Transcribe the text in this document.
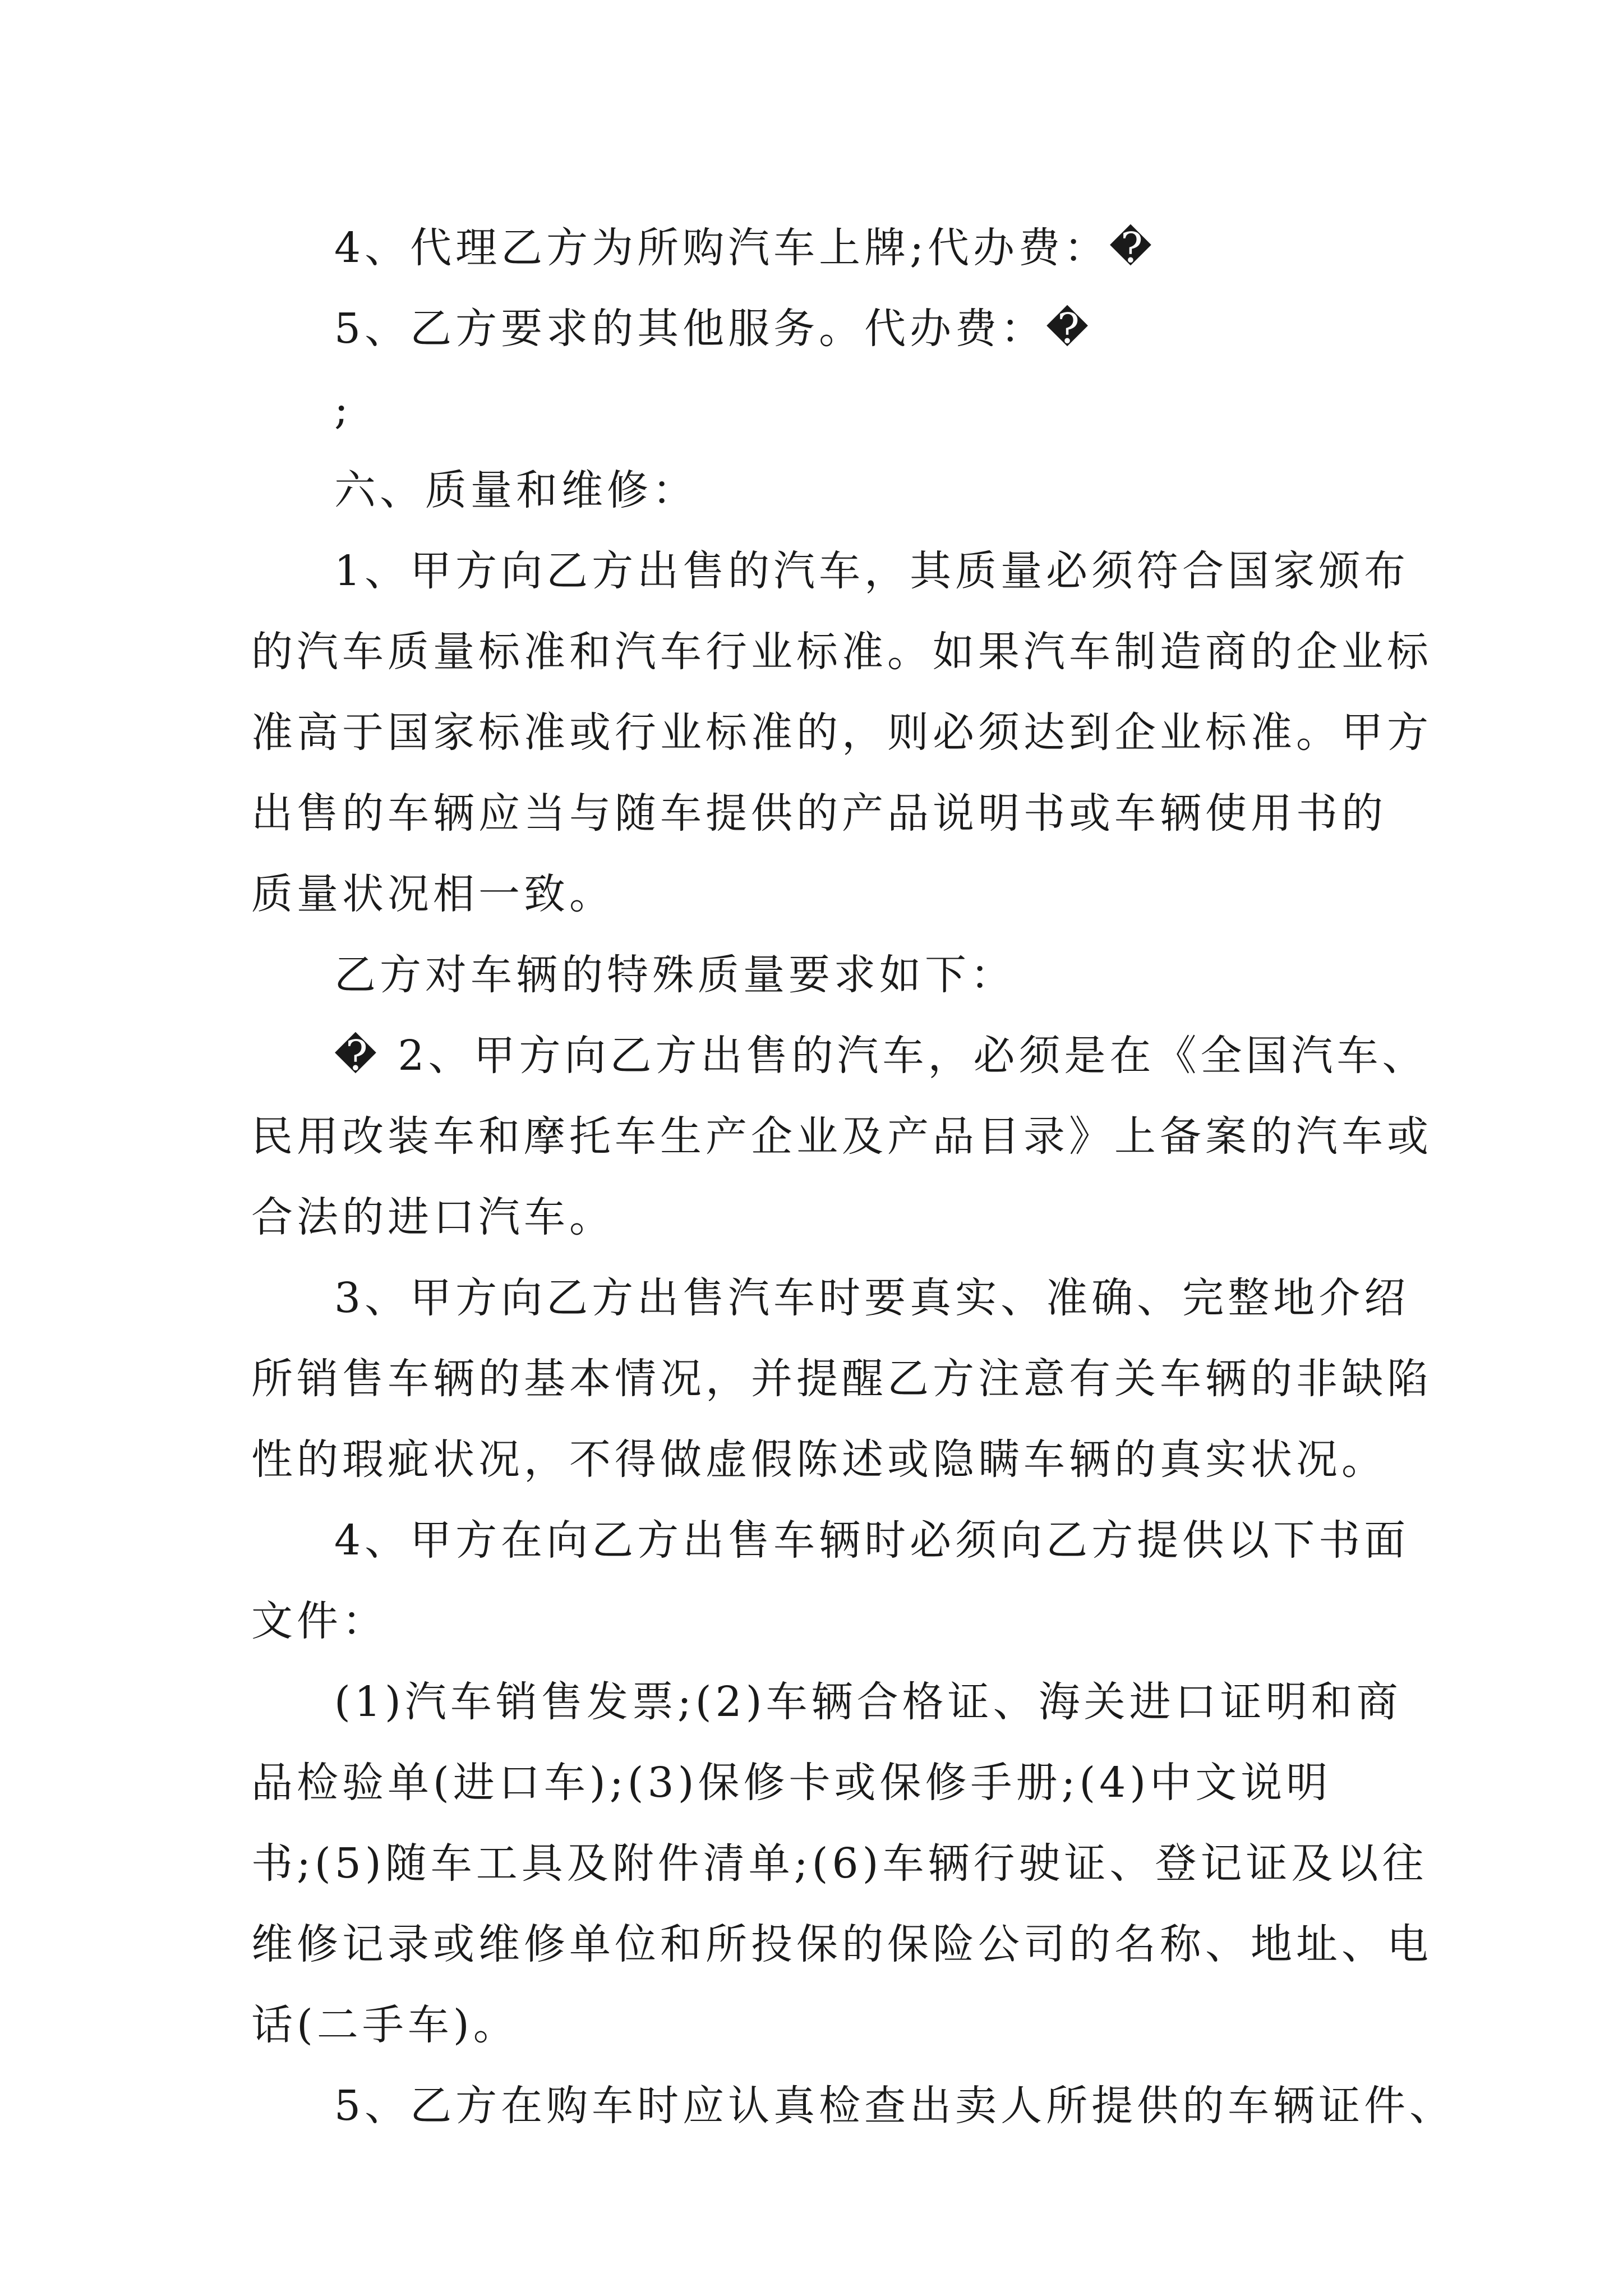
4、代理乙方为所购汽车上牌;代办费：�
5、乙方要求的其他服务。代办费：�
;
六、质量和维修：
1、甲方向乙方出售的汽车，其质量必须符合国家颁布
的汽车质量标准和汽车行业标准。如果汽车制造商的企业标
准高于国家标准或行业标准的，则必须达到企业标准。甲方
出售的车辆应当与随车提供的产品说明书或车辆使用书的
质量状况相一致。
乙方对车辆的特殊质量要求如下：
� 2、甲方向乙方出售的汽车，必须是在《全国汽车、
民用改装车和摩托车生产企业及产品目录》上备案的汽车或
合法的进口汽车。
3、甲方向乙方出售汽车时要真实、准确、完整地介绍
所销售车辆的基本情况，并提醒乙方注意有关车辆的非缺陷
性的瑕疵状况，不得做虚假陈述或隐瞒车辆的真实状况。
4、甲方在向乙方出售车辆时必须向乙方提供以下书面
文件：
(1)汽车销售发票;(2)车辆合格证、海关进口证明和商
品检验单(进口车);(3)保修卡或保修手册;(4)中文说明
书;(5)随车工具及附件清单;(6)车辆行驶证、登记证及以往
维修记录或维修单位和所投保的保险公司的名称、地址、电
话(二手车)。
5、乙方在购车时应认真检查出卖人所提供的车辆证件、
